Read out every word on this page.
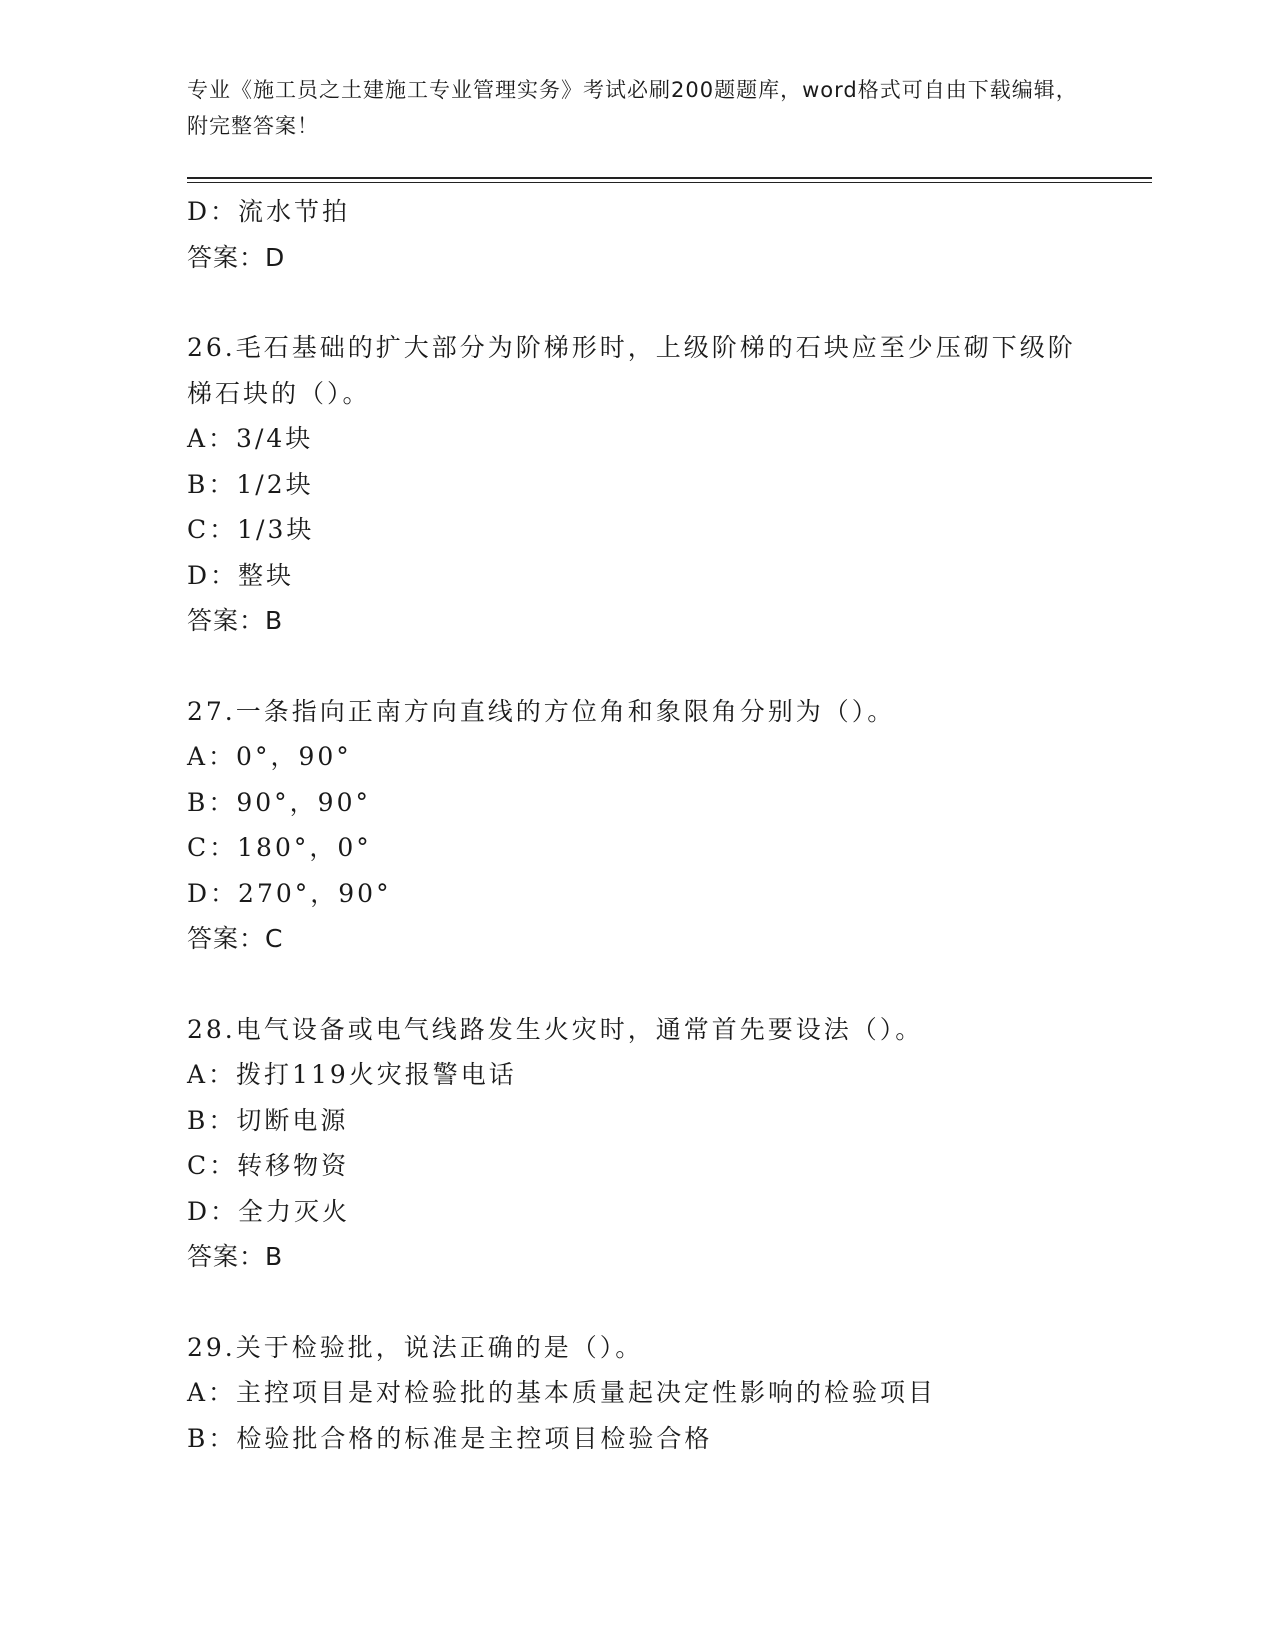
专业《施工员之土建施工专业管理实务》考试必刷200题题库，word格式可自由下载编辑，附完整答案！
D：流水节拍
答案：D
26.毛石基础的扩大部分为阶梯形时，上级阶梯的石块应至少压砌下级阶梯石块的（）。
A：3/4块
B：1/2块
C：1/3块
D：整块
答案：B
27.一条指向正南方向直线的方位角和象限角分别为（）。
A：0°，90°
B：90°，90°
C：180°，0°
D：270°，90°
答案：C
28.电气设备或电气线路发生火灾时，通常首先要设法（）。
A：拨打119火灾报警电话
B：切断电源
C：转移物资
D：全力灭火
答案：B
29.关于检验批，说法正确的是（）。
A：主控项目是对检验批的基本质量起决定性影响的检验项目
B：检验批合格的标准是主控项目检验合格
